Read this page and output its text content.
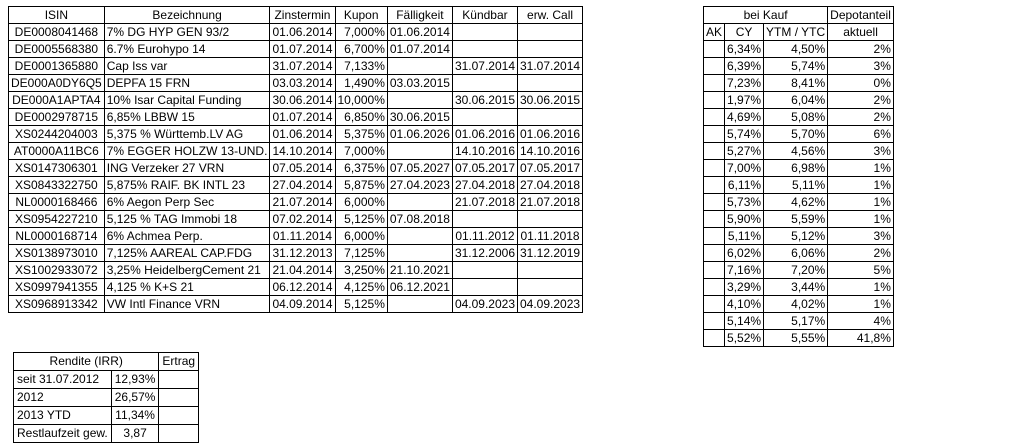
ISIN	Bezeichnung	Zinstermin	Kupon	Fälligkeit	Kündbar	erw. Call
DE0008041468	7% DG HYP GEN 93/2	01.06.2014	7,000%	01.06.2014		
DE0005568380	6.7% Eurohypo 14	01.07.2014	6,700%	01.07.2014		
DE0001365880	Cap Iss var	31.07.2014	7,133%		31.07.2014	31.07.2014
DE000A0DY6Q5	DEPFA 15 FRN	03.03.2014	1,490%	03.03.2015		
DE000A1APTA4	10% Isar Capital Funding	30.06.2014	10,000%		30.06.2015	30.06.2015
DE0002978715	6,85% LBBW 15	01.07.2014	6,850%	30.06.2015		
XS0244204003	5,375 % Württemb.LV AG	01.06.2014	5,375%	01.06.2026	01.06.2016	01.06.2016
AT0000A11BC6	7% EGGER HOLZW 13-UND.	14.10.2014	7,000%		14.10.2016	14.10.2016
XS0147306301	ING Verzeker 27 VRN	07.05.2014	6,375%	07.05.2027	07.05.2017	07.05.2017
XS0843322750	5,875% RAIF. BK INTL 23	27.04.2014	5,875%	27.04.2023	27.04.2018	27.04.2018
NL0000168466	6% Aegon Perp Sec	21.07.2014	6,000%		21.07.2018	21.07.2018
XS0954227210	5,125 % TAG Immobi 18	07.02.2014	5,125%	07.08.2018		
NL0000168714	6% Achmea Perp.	01.11.2014	6,000%		01.11.2012	01.11.2018
XS0138973010	7,125% AAREAL CAP.FDG	31.12.2013	7,125%		31.12.2006	31.12.2019
XS1002933072	3,25% HeidelbergCement 21	21.04.2014	3,250%	21.10.2021		
XS0997941355	4,125 % K+S 21	06.12.2014	4,125%	06.12.2021		
XS0968913342	VW Intl Finance VRN	04.09.2014	5,125%		04.09.2023	04.09.2023
bei Kauf			Depotanteil
AK	CY	YTM / YTC	aktuell
	6,34%	4,50%	2%
	6,39%	5,74%	3%
	7,23%	8,41%	0%
	1,97%	6,04%	2%
	4,69%	5,08%	2%
	5,74%	5,70%	6%
	5,27%	4,56%	3%
	7,00%	6,98%	1%
	6,11%	5,11%	1%
	5,73%	4,62%	1%
	5,90%	5,59%	1%
	5,11%	5,12%	3%
	6,02%	6,06%	2%
	7,16%	7,20%	5%
	3,29%	3,44%	1%
	4,10%	4,02%	1%
	5,14%	5,17%	4%
	5,52%	5,55%	41,8%
Rendite (IRR)		Ertrag
seit 31.07.2012	12,93%	
2012	26,57%	
2013 YTD	11,34%	
Restlaufzeit gew.	3,87	
